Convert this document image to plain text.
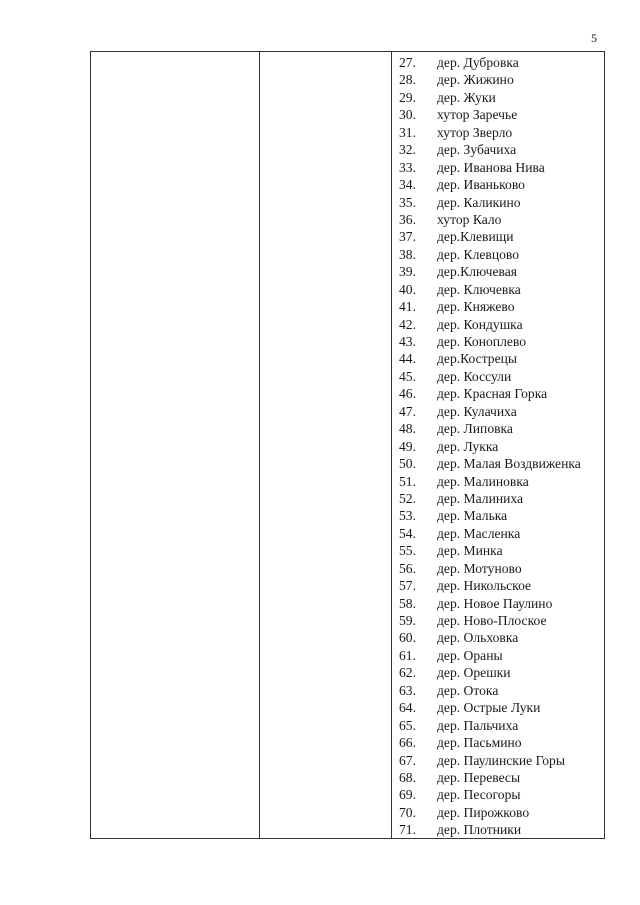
5
27. дер. Дубровка
28. дер. Жижино
29. дер. Жуки
30. хутор Заречье
31. хутор Зверло
32. дер. Зубачиха
33. дер. Иванова Нива
34. дер. Иваньково
35. дер. Каликино
36. хутор Кало
37. дер.Клевищи
38. дер. Клевцово
39. дер.Ключевая
40. дер. Ключевка
41. дер. Княжево
42. дер. Кондушка
43. дер. Коноплево
44. дер.Кострецы
45. дер. Коссули
46. дер. Красная Горка
47. дер. Кулачиха
48. дер. Липовка
49. дер. Лукка
50. дер. Малая Воздвиженка
51. дер. Малиновка
52. дер. Малиниха
53. дер. Малька
54. дер. Масленка
55. дер. Минка
56. дер. Мотуново
57. дер. Никольское
58. дер. Новое Паулино
59. дер. Ново-Плоское
60. дер. Ольховка
61. дер. Ораны
62. дер. Орешки
63. дер. Отока
64. дер. Острые Луки
65. дер. Пальчиха
66. дер. Пасьмино
67. дер. Паулинские Горы
68. дер. Перевесы
69. дер. Песогоры
70. дер. Пирожково
71. дер. Плотники
